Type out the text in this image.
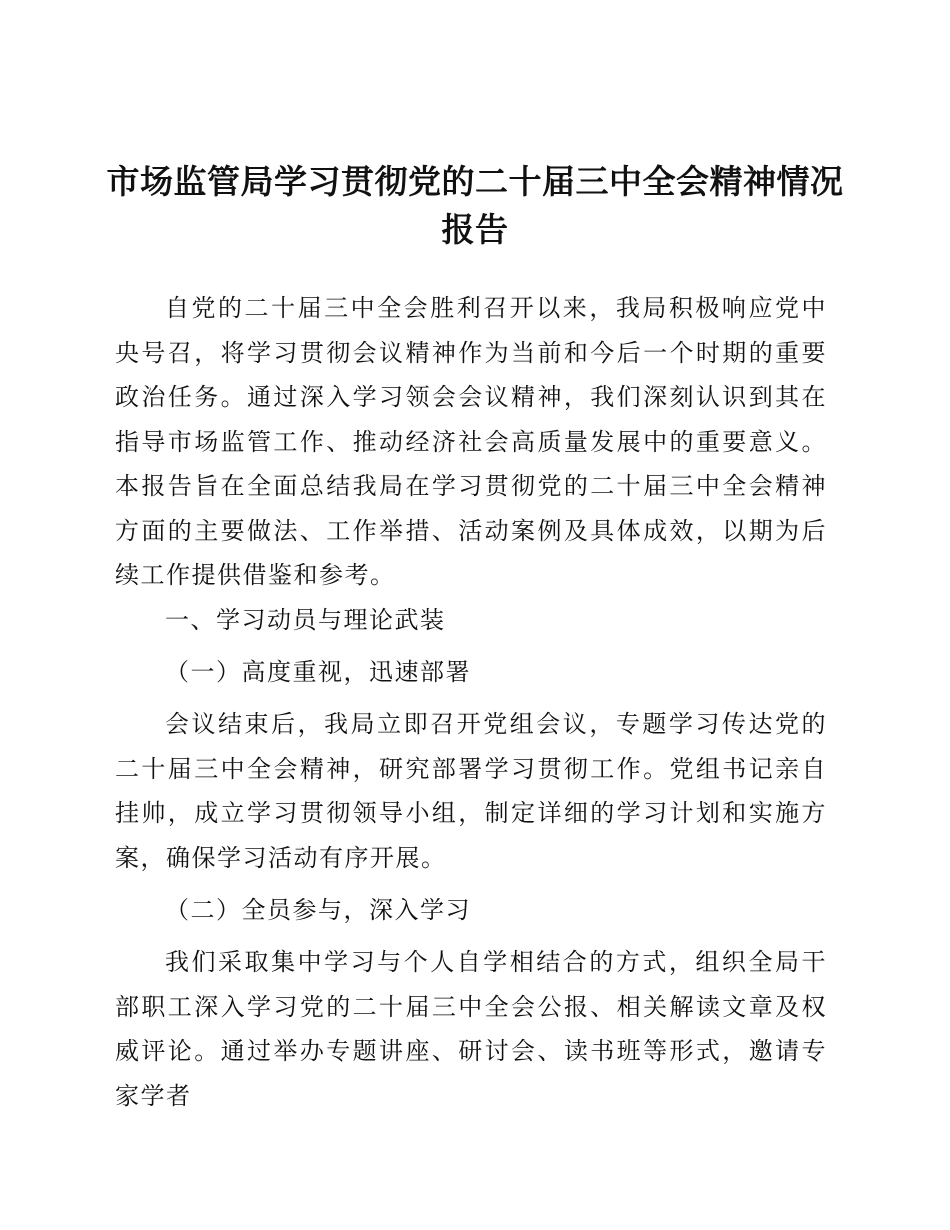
市场监管局学习贯彻党的二十届三中全会精神情况报告

自党的二十届三中全会胜利召开以来，我局积极响应党中央号召，将学习贯彻会议精神作为当前和今后一个时期的重要政治任务。通过深入学习领会会议精神，我们深刻认识到其在指导市场监管工作、推动经济社会高质量发展中的重要意义。本报告旨在全面总结我局在学习贯彻党的二十届三中全会精神方面的主要做法、工作举措、活动案例及具体成效，以期为后续工作提供借鉴和参考。

一、学习动员与理论武装

（一）高度重视，迅速部署

会议结束后，我局立即召开党组会议，专题学习传达党的二十届三中全会精神，研究部署学习贯彻工作。党组书记亲自挂帅，成立学习贯彻领导小组，制定详细的学习计划和实施方案，确保学习活动有序开展。

（二）全员参与，深入学习

我们采取集中学习与个人自学相结合的方式，组织全局干部职工深入学习党的二十届三中全会公报、相关解读文章及权威评论。通过举办专题讲座、研讨会、读书班等形式，邀请专家学者
